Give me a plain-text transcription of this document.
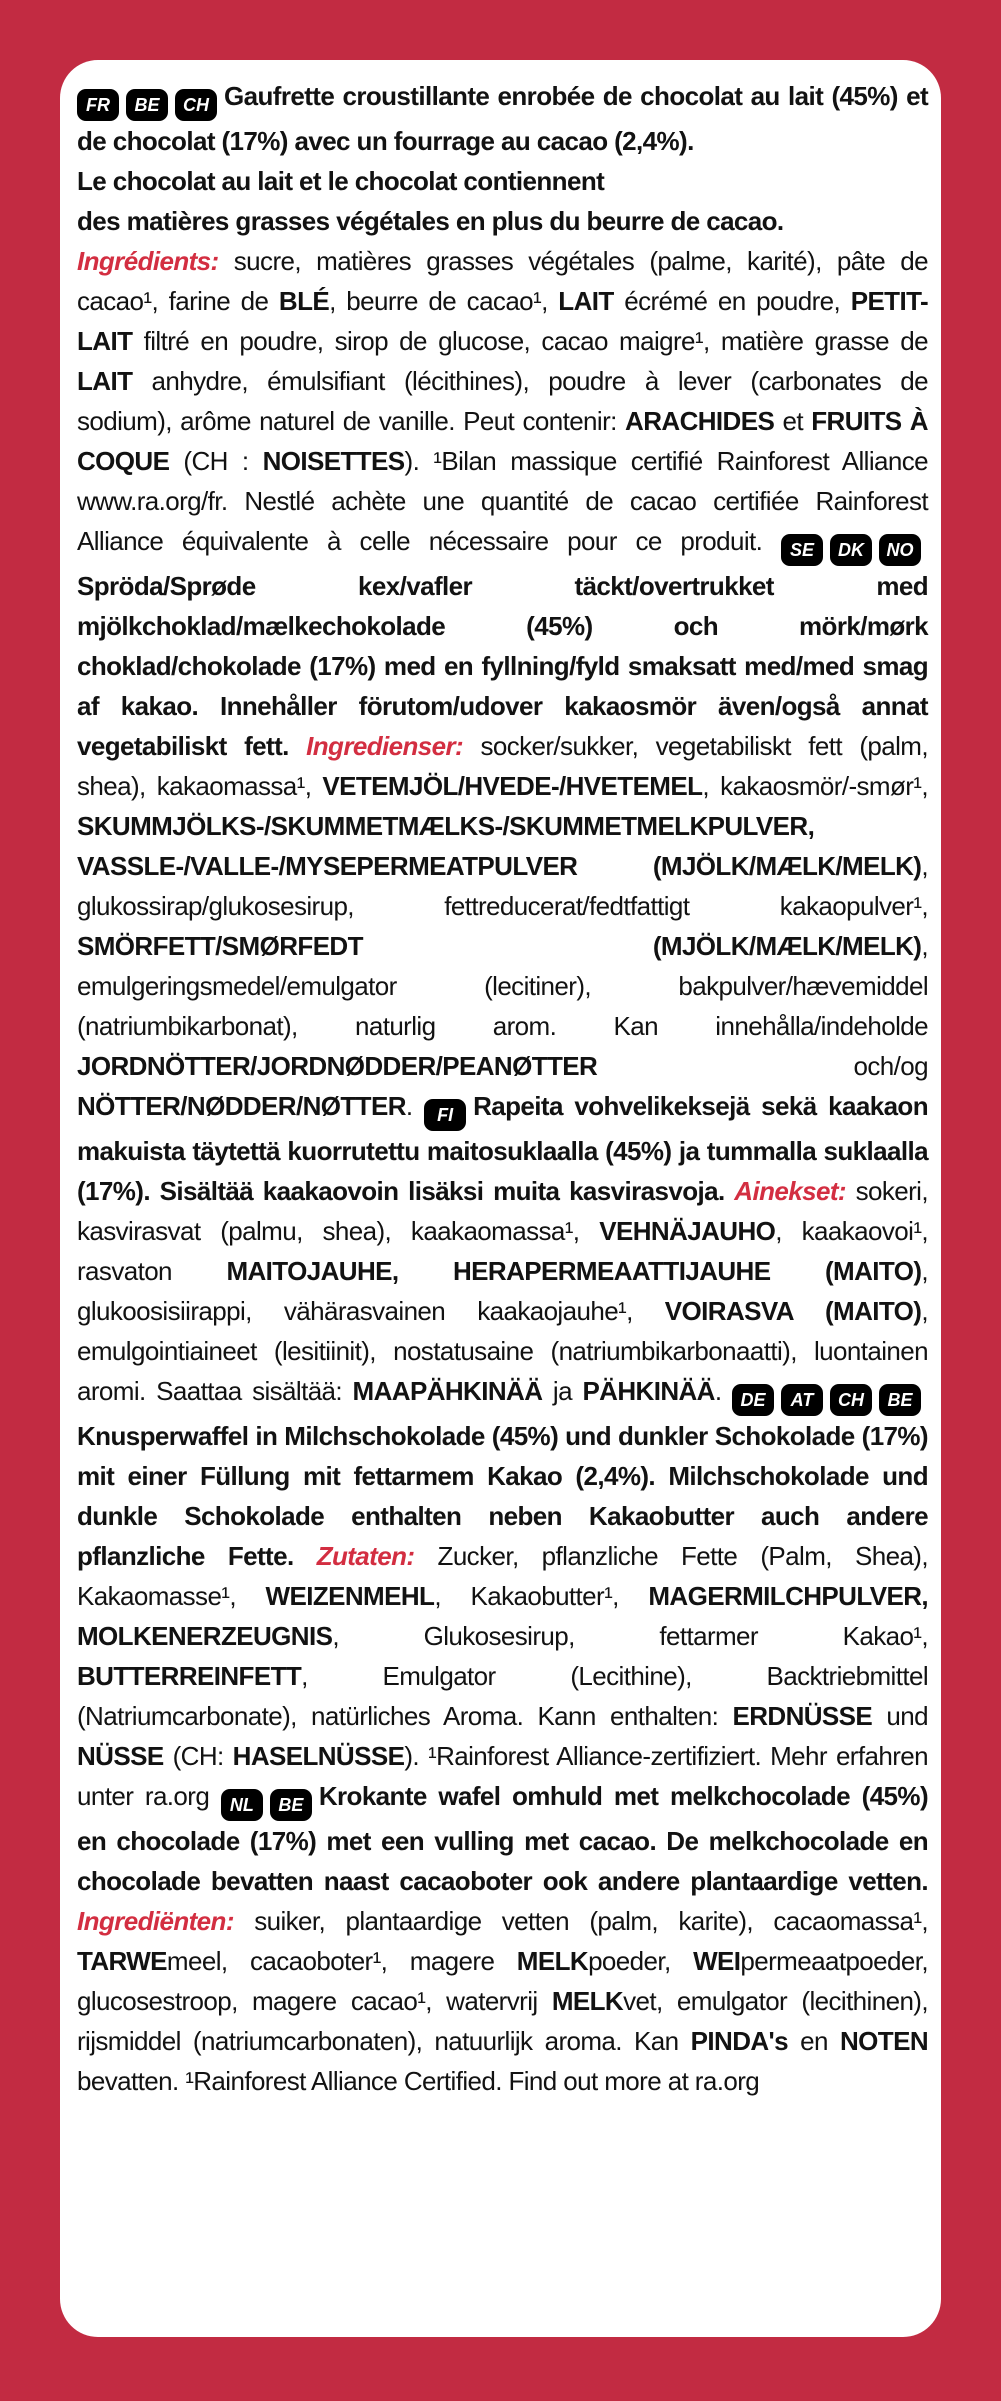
FR BE CH Gaufrette croustillante enrobée de chocolat au lait (45%) et de chocolat (17%) avec un fourrage au cacao (2,4%).
Le chocolat au lait et le chocolat contiennent
des matières grasses végétales en plus du beurre de cacao.
Ingrédients: sucre, matières grasses végétales (palme, karité), pâte de cacao¹, farine de BLÉ, beurre de cacao¹, LAIT écrémé en poudre, PETIT-LAIT filtré en poudre, sirop de glucose, cacao maigre¹, matière grasse de LAIT anhydre, émulsifiant (lécithines), poudre à lever (carbonates de sodium), arôme naturel de vanille. Peut contenir: ARACHIDES et FRUITS À COQUE (CH : NOISETTES). ¹Bilan massique certifié Rainforest Alliance www.ra.org/fr. Nestlé achète une quantité de cacao certifiée Rainforest Alliance équivalente à celle nécessaire pour ce produit. SE DK NOSpröda/Sprøde kex/vafler täckt/overtrukket med mjölkchoklad/mælkechokolade (45%) och mörk/mørk choklad/chokolade (17%) med en fyllning/fyld smaksatt med/med smag af kakao. Innehåller förutom/udover kakaosmör även/også annat vegetabiliskt fett. Ingredienser: socker/sukker, vegetabiliskt fett (palm, shea), kakaomassa¹, VETEMJÖL/HVEDE-/HVETEMEL, kakaosmör/-smør¹, SKUMMJÖLKS-/SKUMMETMÆLKS-/SKUMMETMELKPULVER, VASSLE-/VALLE-/MYSEPERMEATPULVER (MJÖLK/MÆLK/MELK), glukossirap/glukosesirup, fettreducerat/fedtfattigt kakaopulver¹, SMÖRFETT/SMØRFEDT (MJÖLK/MÆLK/MELK), emulgeringsmedel/emulgator (lecitiner), bakpulver/hævemiddel (natriumbikarbonat), naturlig arom. Kan innehålla/indeholde JORDNÖTTER/JORDNØDDER/PEANØTTER och/og NÖTTER/NØDDER/NØTTER. FI Rapeita vohvelikeksejä sekä kaakaon makuista täytettä kuorrutettu maitosuklaalla (45%) ja tummalla suklaalla (17%). Sisältää kaakaovoin lisäksi muita kasvirasvoja. Ainekset: sokeri, kasvirasvat (palmu, shea), kaakaomassa¹, VEHNÄJAUHO, kaakaovoi¹, rasvaton MAITOJAUHE, HERAPERMEAATTIJAUHE (MAITO), glukoosisiirappi, vähärasvainen kaakaojauhe¹, VOIRASVA (MAITO), emulgointiaineet (lesitiinit), nostatusaine (natriumbikarbonaatti), luontainen aromi. Saattaa sisältää: MAAPÄHKINÄÄ ja PÄHKINÄÄ. DE AT CH BEKnusperwaffel in Milchschokolade (45%) und dunkler Schokolade (17%) mit einer Füllung mit fettarmem Kakao (2,4%). Milchschokolade und dunkle Schokolade enthalten neben Kakaobutter auch andere pflanzliche Fette. Zutaten: Zucker, pflanzliche Fette (Palm, Shea), Kakaomasse¹, WEIZENMEHL, Kakaobutter¹, MAGERMILCHPULVER, MOLKENERZEUGNIS, Glukosesirup, fettarmer Kakao¹, BUTTERREINFETT, Emulgator (Lecithine), Backtriebmittel (Natriumcarbonate), natürliches Aroma. Kann enthalten: ERDNÜSSE und NÜSSE (CH: HASELNÜSSE). ¹Rainforest Alliance-zertifiziert. Mehr erfahren unter ra.org NL BE Krokante wafel omhuld met melkchocolade (45%) en chocolade (17%) met een vulling met cacao. De melkchocolade en chocolade bevatten naast cacaoboter ook andere plantaardige vetten. Ingrediënten: suiker, plantaardige vetten (palm, karite), cacaomassa¹, TARWEmeel, cacaoboter¹, magere MELKpoeder, WEIpermeaatpoeder, glucosestroop, magere cacao¹, watervrij MELKvet, emulgator (lecithinen), rijsmiddel (natriumcarbonaten), natuurlijk aroma. Kan PINDA's en NOTEN bevatten. ¹Rainforest Alliance Certified. Find out more at ra.org
